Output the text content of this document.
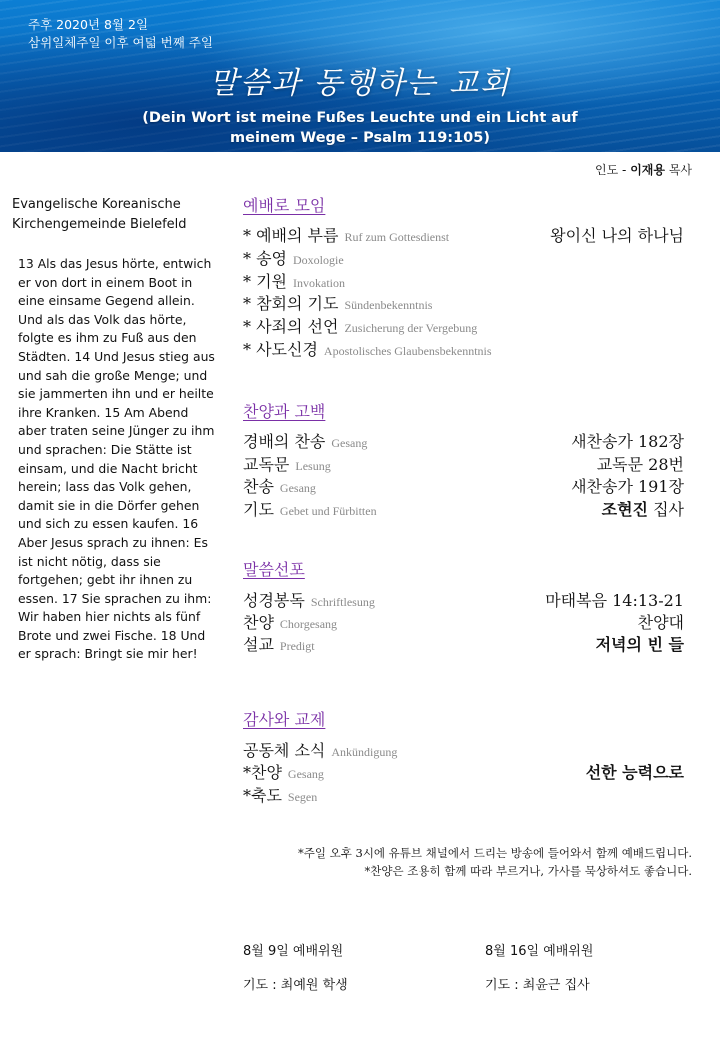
주후 2020년 8월 2일
삼위일체주일 이후 여덟 번째 주일
말씀과 동행하는 교회
(Dein Wort ist meine Fußes Leuchte und ein Licht auf meinem Wege – Psalm 119:105)
인도 - 이재용 목사
Evangelische Koreanische
Kirchengemeinde Bielefeld
13 Als das Jesus hörte, entwich er von dort in einem Boot in eine einsame Gegend allein. Und als das Volk das hörte, folgte es ihm zu Fuß aus den Städten. 14 Und Jesus stieg aus und sah die große Menge; und sie jammerten ihn und er heilte ihre Kranken. 15 Am Abend aber traten seine Jünger zu ihm und sprachen: Die Stätte ist einsam, und die Nacht bricht herein; lass das Volk gehen, damit sie in die Dörfer gehen und sich zu essen kaufen. 16 Aber Jesus sprach zu ihnen: Es ist nicht nötig, dass sie fortgehen; gebt ihr ihnen zu essen. 17 Sie sprachen zu ihm: Wir haben hier nichts als fünf Brote und zwei Fische. 18 Und er sprach: Bringt sie mir her!
예배로 모임
* 예배의 부름 Ruf zum Gottesdienst	왕이신 나의 하나님
* 송영 Doxologie
* 기원 Invokation
* 참회의 기도 Sündenbekenntnis
* 사죄의 선언 Zusicherung der Vergebung
* 사도신경 Apostolisches Glaubensbekenntnis
찬양과 고백
경배의 찬송 Gesang	새찬송가 182장
교독문 Lesung	교독문 28번
찬송 Gesang	새찬송가 191장
기도 Gebet und Fürbitten	조현진 집사
말씀선포
성경봉독 Schriftlesung	마태복음 14:13-21
찬양 Chorgesang	찬양대
설교 Predigt	저녁의 빈 들
감사와 교제
공동체 소식 Ankündigung
*찬양 Gesang	선한 능력으로
*축도 Segen
*주일 오후 3시에 유튜브 채널에서 드리는 방송에 들어와서 함께 예배드립니다.
*찬양은 조용히 함께 따라 부르거나, 가사를 묵상하셔도 좋습니다.
8월 9일 예배위원
기도 : 최예원 학생
8월 16일 예배위원
기도 : 최윤근 집사
